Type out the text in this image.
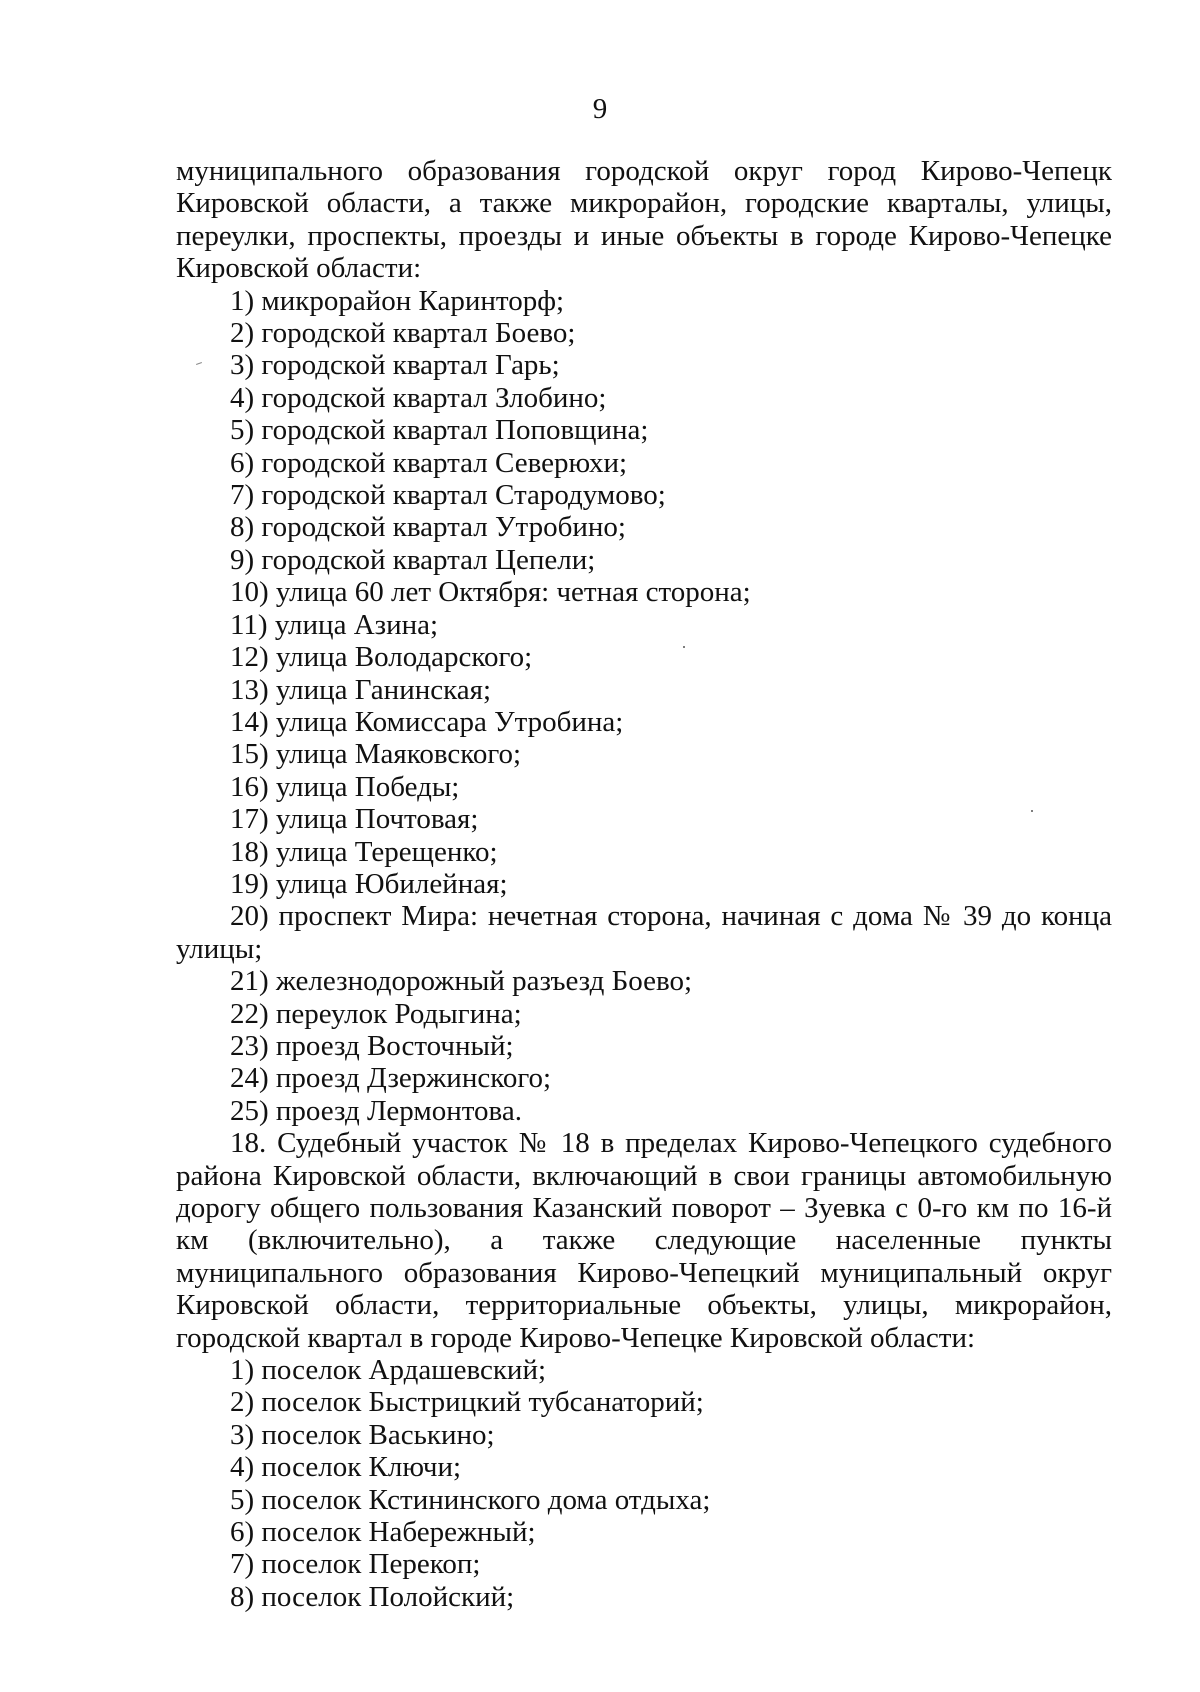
9

муниципального образования городской округ город Кирово-Чепецк Кировской области, а также микрорайон, городские кварталы, улицы, переулки, проспекты, проезды и иные объекты в городе Кирово-Чепецке Кировской области:

1) микрорайон Каринторф;

2) городской квартал Боево;

3) городской квартал Гарь;

4) городской квартал Злобино;

5) городской квартал Поповщина;

6) городской квартал Северюхи;

7) городской квартал Стародумово;

8) городской квартал Утробино;

9) городской квартал Цепели;

10) улица 60 лет Октября: четная сторона;

11) улица Азина;

12) улица Володарского;

13) улица Ганинская;

14) улица Комиссара Утробина;

15) улица Маяковского;

16) улица Победы;

17) улица Почтовая;

18) улица Терещенко;

19) улица Юбилейная;

20) проспект Мира: нечетная сторона, начиная с дома № 39 до конца улицы;

21) железнодорожный разъезд Боево;

22) переулок Родыгина;

23) проезд Восточный;

24) проезд Дзержинского;

25) проезд Лермонтова.

18. Судебный участок № 18 в пределах Кирово-Чепецкого судебного района Кировской области, включающий в свои границы автомобильную дорогу общего пользования Казанский поворот – Зуевка с 0-го км по 16-й км (включительно), а также следующие населенные пункты муниципального образования Кирово-Чепецкий муниципальный округ Кировской области, территориальные объекты, улицы, микрорайон, городской квартал в городе Кирово-Чепецке Кировской области:

1) поселок Ардашевский;

2) поселок Быстрицкий тубсанаторий;

3) поселок Васькино;

4) поселок Ключи;

5) поселок Кстининского дома отдыха;

6) поселок Набережный;

7) поселок Перекоп;

8) поселок Полойский;
